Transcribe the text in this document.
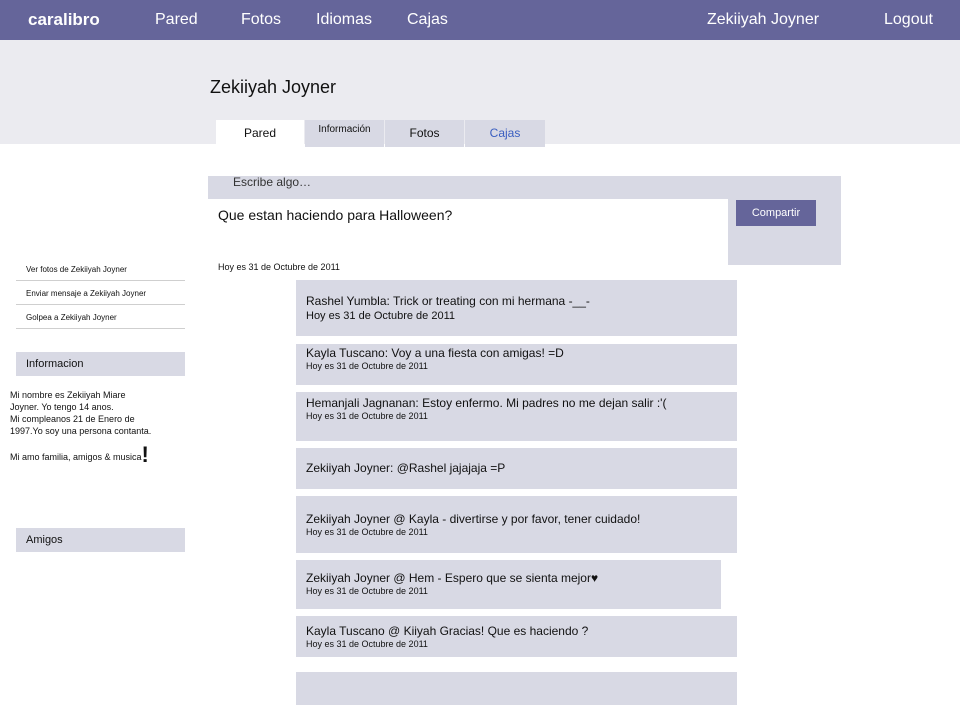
caralibro	Pared	Fotos Idiomas Cajas	Zekiiyah Joyner	Logout
Zekiiyah Joyner
Pared	Información	Fotos	Cajas
Ver fotos de Zekiiyah Joyner
Enviar mensaje a Zekiiyah Joyner
Golpea a Zekiiyah Joyner
Informacion

Mi nombre es Zekiiyah Miare

Joyner. Yo tengo 14 anos.

Mi compleanos 21 de Enero de

1997.Yo soy una persona contanta.

Mi amo familia, amigos & musica!

Amigos
Escribe algo…
Que estan haciendo para Halloween?	Compartir
Hoy es 31 de Octubre de 2011
Rashel Yumbla: Trick or treating con mi hermana -__-
Hoy es 31 de Octubre de 2011
Kayla Tuscano: Voy a una fiesta con amigas! =D
Hoy es 31 de Octubre de 2011
Hemanjali Jagnanan: Estoy enfermo. Mi padres no me dejan salir :'(
Hoy es 31 de Octubre de 2011
Zekiiyah Joyner: @Rashel jajajaja =P
Zekiiyah Joyner @ Kayla - divertirse y por favor, tener cuidado!
Hoy es 31 de Octubre de 2011
Zekiiyah Joyner @ Hem - Espero que se sienta mejor♥
Hoy es 31 de Octubre de 2011
Kayla Tuscano @ Kiiyah Gracias! Que es haciendo ?
Hoy es 31 de Octubre de 2011
